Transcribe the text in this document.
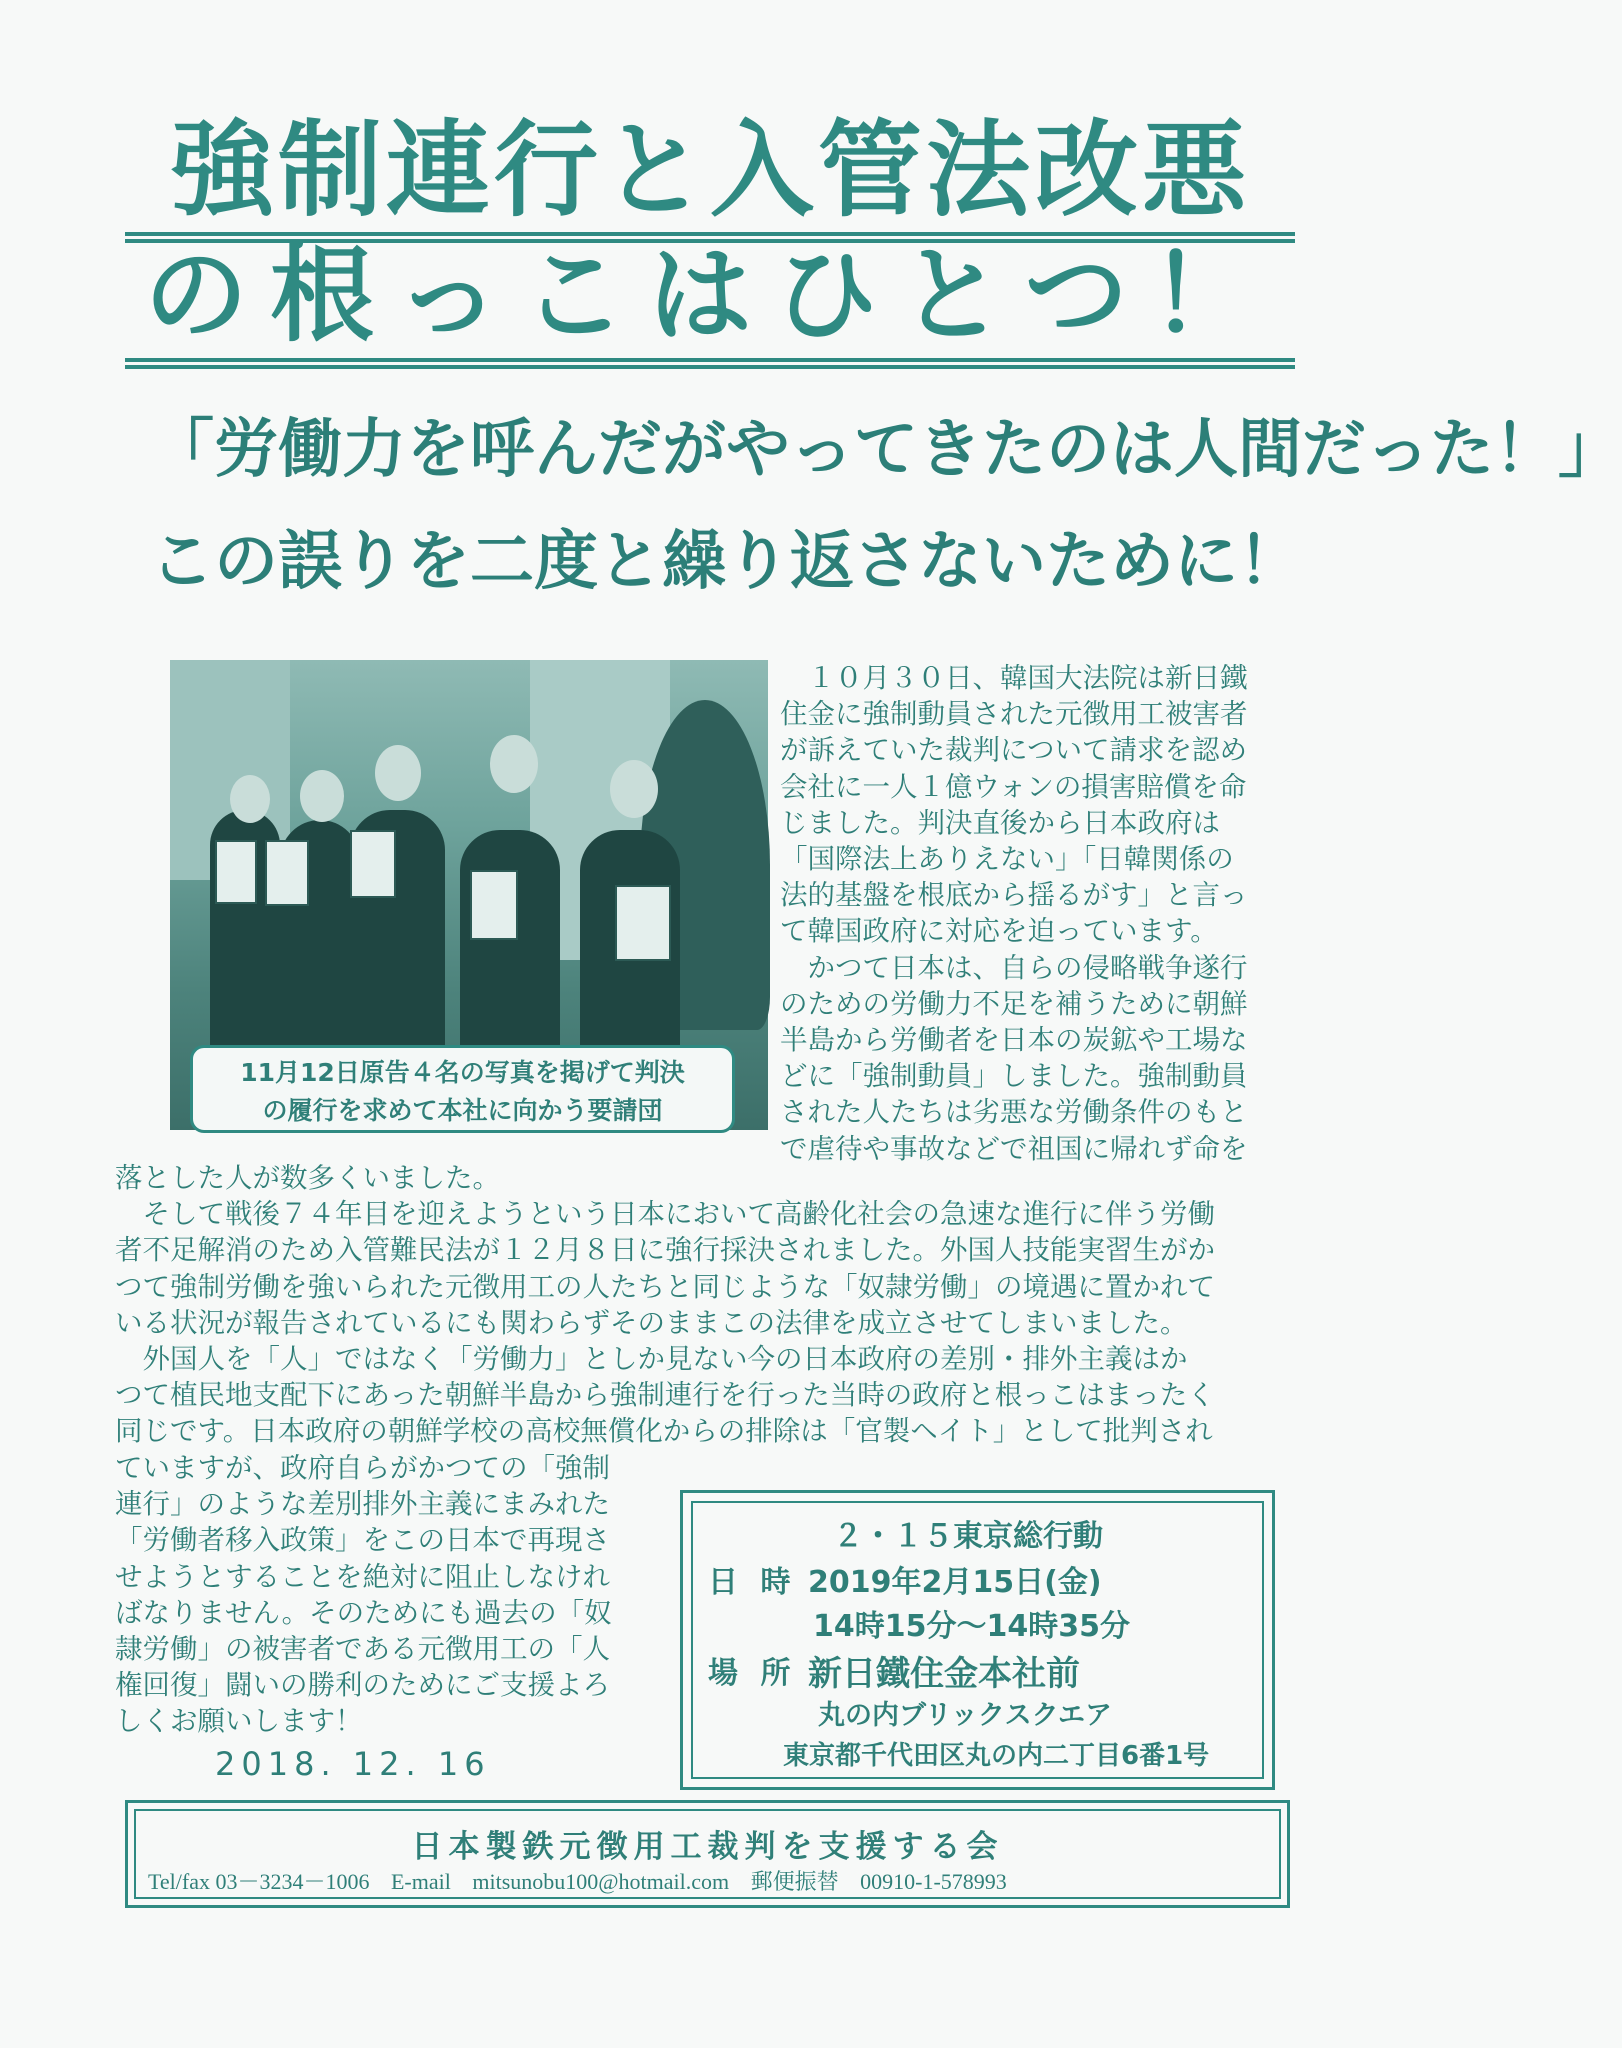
強制連行と入管法改悪
の根っこはひとつ！
「労働力を呼んだがやってきたのは人間だった！」
この誤りを二度と繰り返さないために！
11月12日原告４名の写真を掲げて判決
の履行を求めて本社に向かう要請団
　１０月３０日、韓国大法院は新日鐵
住金に強制動員された元徴用工被害者
が訴えていた裁判について請求を認め
会社に一人１億ウォンの損害賠償を命
じました。判決直後から日本政府は
「国際法上ありえない」「日韓関係の
法的基盤を根底から揺るがす」と言っ
て韓国政府に対応を迫っています。
　かつて日本は、自らの侵略戦争遂行
のための労働力不足を補うために朝鮮
半島から労働者を日本の炭鉱や工場な
どに「強制動員」しました。強制動員
された人たちは劣悪な労働条件のもと
で虐待や事故などで祖国に帰れず命を
落とした人が数多くいました。
　そして戦後７４年目を迎えようという日本において高齢化社会の急速な進行に伴う労働
者不足解消のため入管難民法が１２月８日に強行採決されました。外国人技能実習生がか
つて強制労働を強いられた元徴用工の人たちと同じような「奴隷労働」の境遇に置かれて
いる状況が報告されているにも関わらずそのままこの法律を成立させてしまいました。
　外国人を「人」ではなく「労働力」としか見ない今の日本政府の差別・排外主義はか
つて植民地支配下にあった朝鮮半島から強制連行を行った当時の政府と根っこはまったく
同じです。日本政府の朝鮮学校の高校無償化からの排除は「官製ヘイト」として批判され
ていますが、政府自らがかつての「強制
連行」のような差別排外主義にまみれた
「労働者移入政策」をこの日本で再現さ
せようとすることを絶対に阻止しなけれ
ばなりません。そのためにも過去の「奴
隷労働」の被害者である元徴用工の「人
権回復」闘いの勝利のためにご支援よろ
しくお願いします！
2018. 12. 16
２・１５東京総行動
日 時 2019年2月15日(金)
14時15分～14時35分
場 所 新日鐵住金本社前
丸の内ブリックスクエア
東京都千代田区丸の内二丁目6番1号
日本製鉄元徴用工裁判を支援する会
Tel/fax 03－3234－1006 E-mail mitsunobu100@hotmail.com 郵便振替 00910-1-578993
